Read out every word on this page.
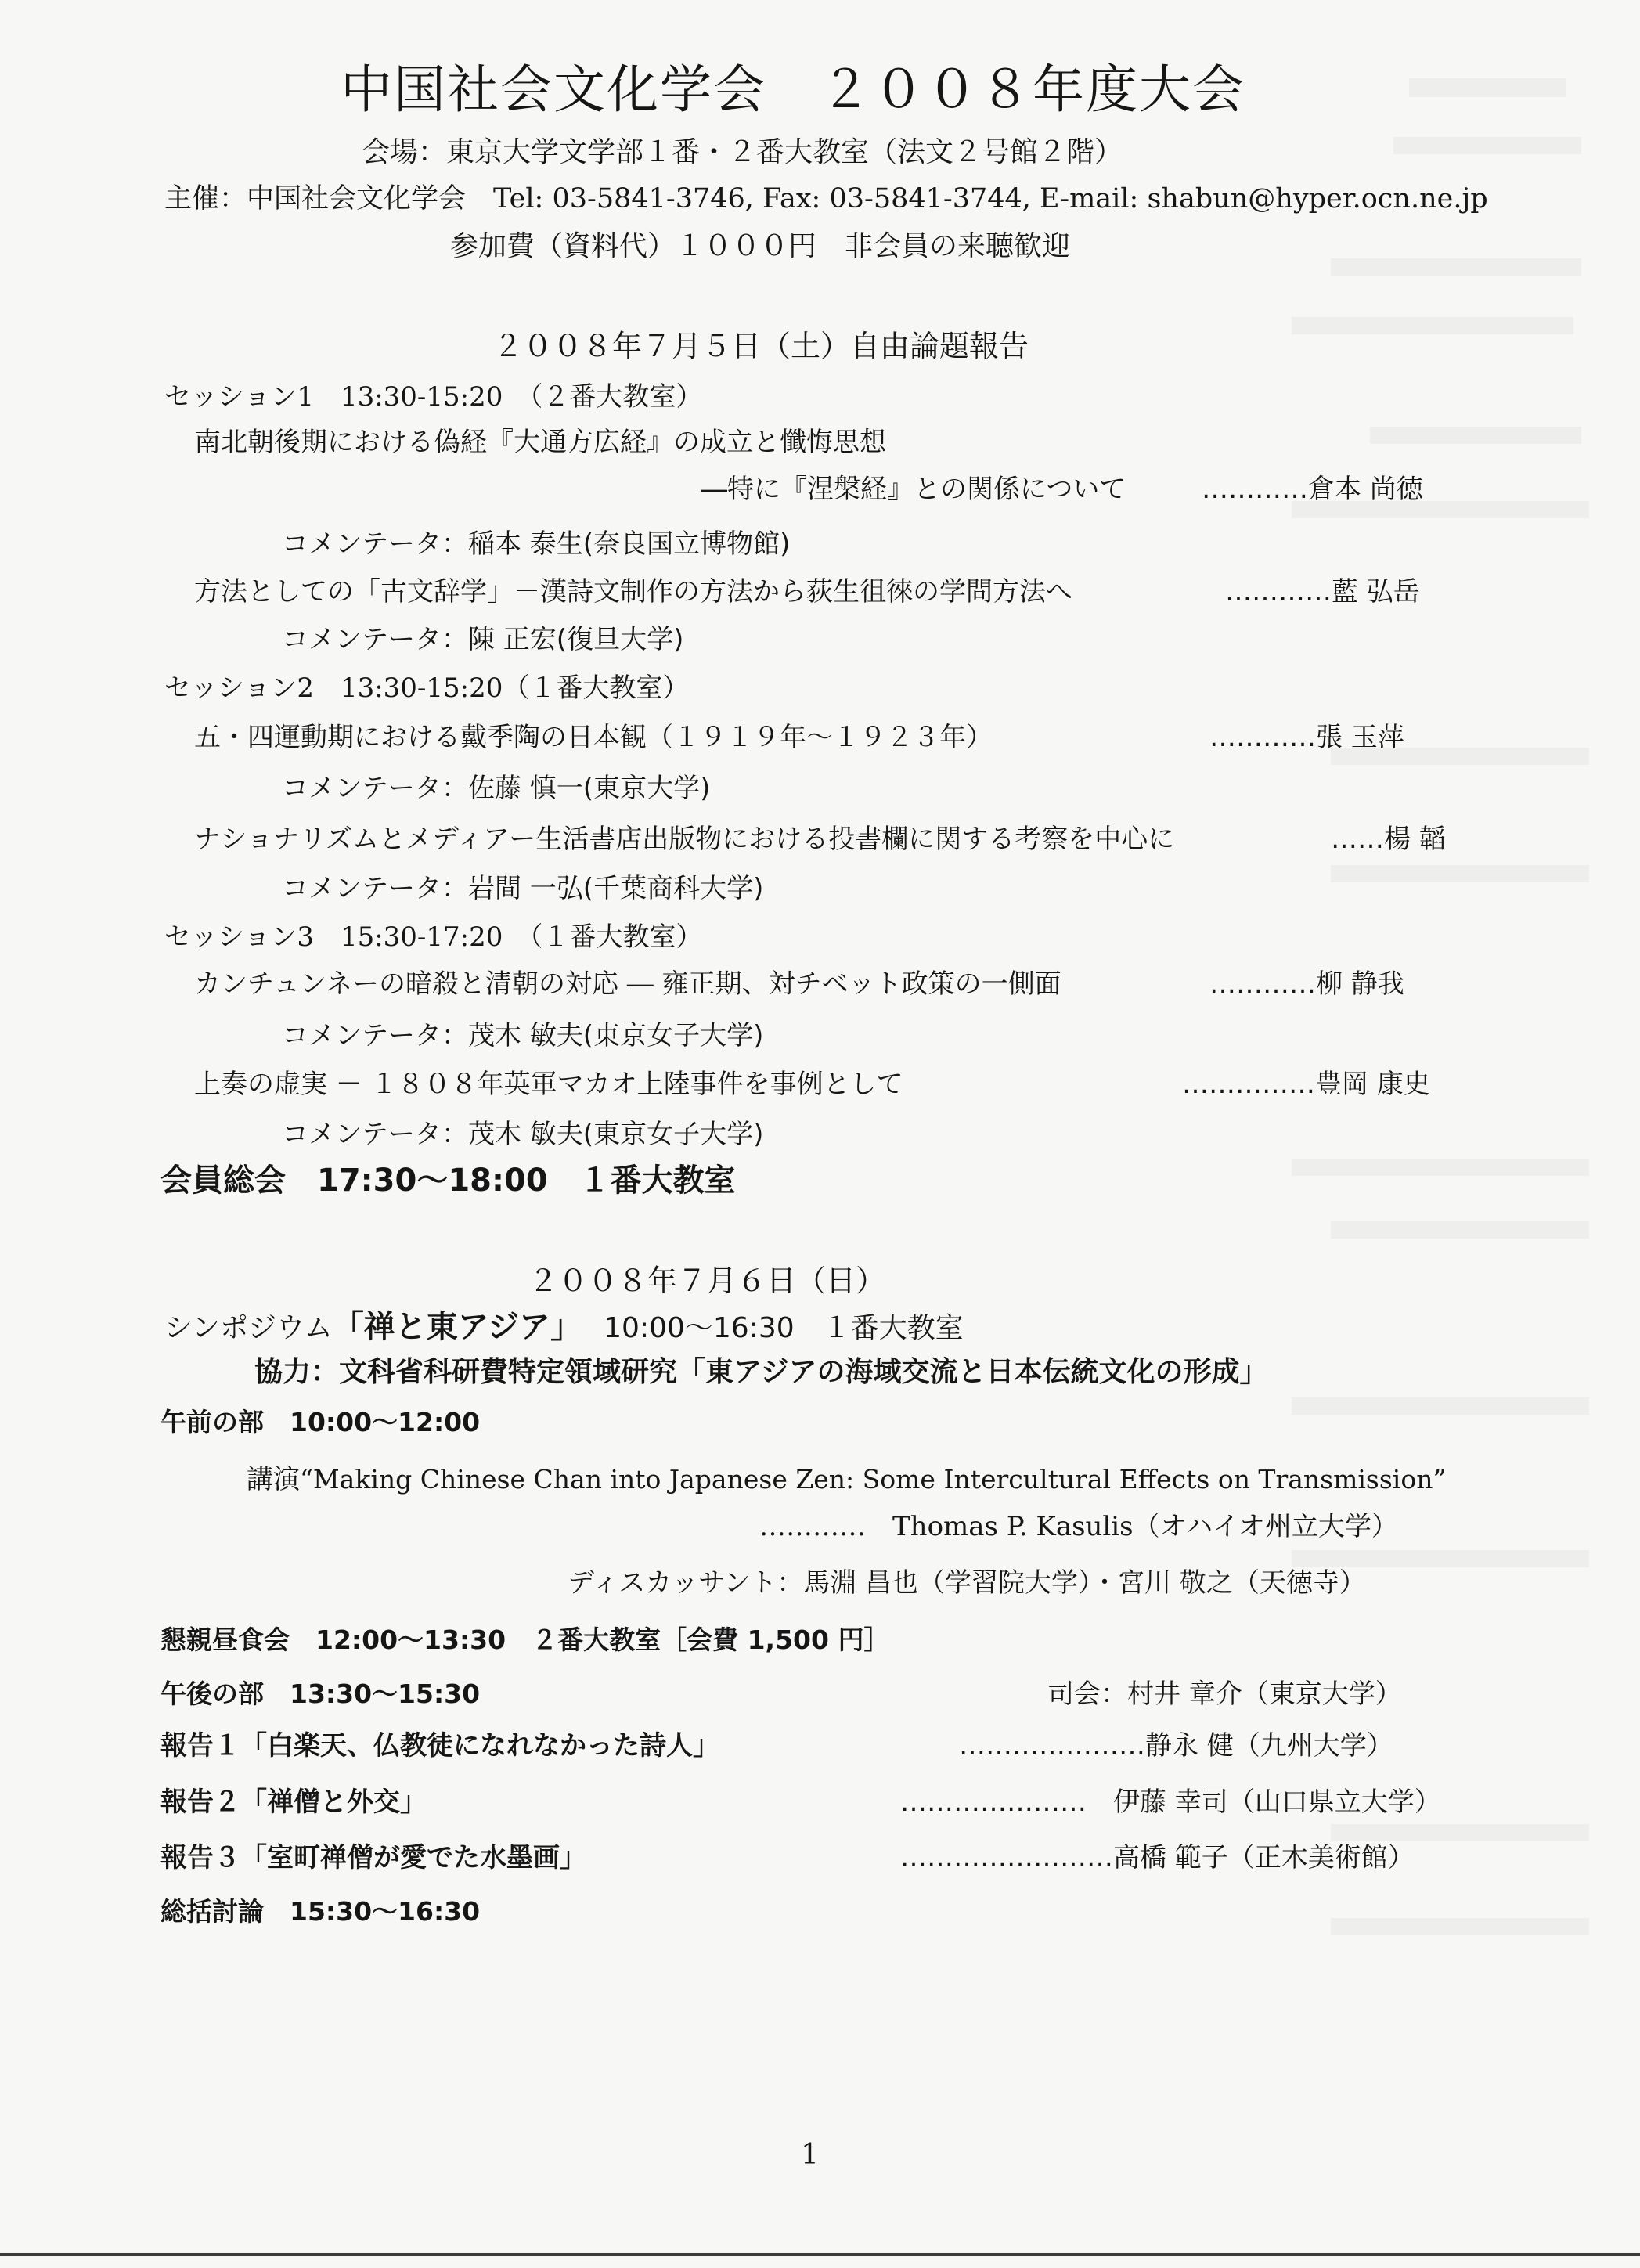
中国社会文化学会　２００８年度大会
会場：東京大学文学部１番・２番大教室（法文２号館２階）
主催：中国社会文化学会　Tel: 03-5841-3746, Fax: 03-5841-3744, E-mail: shabun@hyper.ocn.ne.jp
参加費（資料代）１０００円　非会員の来聴歓迎
２００８年７月５日（土）自由論題報告
セッション1　13:30-15:20　（２番大教室）
南北朝後期における偽経『大通方広経』の成立と懺悔思想
―特に『涅槃経』との関係について	…………倉本 尚徳
コメンテータ：稲本 泰生(奈良国立博物館)
方法としての「古文辞学」－漢詩文制作の方法から荻生徂徠の学問方法へ	…………藍 弘岳
コメンテータ：陳 正宏(復旦大学)
セッション2　13:30-15:20（１番大教室）
五・四運動期における戴季陶の日本観（１９１９年～１９２３年）	…………張 玉萍
コメンテータ：佐藤 慎一(東京大学)
ナショナリズムとメディアー生活書店出版物における投書欄に関する考察を中心に	……楊 韜
コメンテータ：岩間 一弘(千葉商科大学)
セッション3　15:30-17:20　（１番大教室）
カンチュンネーの暗殺と清朝の対応 ― 雍正期、対チベット政策の一側面	…………柳 静我
コメンテータ：茂木 敏夫(東京女子大学)
上奏の虚実 － １８０８年英軍マカオ上陸事件を事例として	……………豊岡 康史
コメンテータ：茂木 敏夫(東京女子大学)
会員総会　17:30～18:00　１番大教室
２００８年７月６日（日）
シンポジウム「禅と東アジア」 10:00～16:30　１番大教室
協力：文科省科研費特定領域研究「東アジアの海域交流と日本伝統文化の形成」
午前の部　10:00～12:00
講演“Making Chinese Chan into Japanese Zen: Some Intercultural Effects on Transmission”
…………　Thomas P. Kasulis（オハイオ州立大学）
ディスカッサント：馬淵 昌也（学習院大学）・宮川 敬之（天徳寺）
懇親昼食会　12:00～13:30　２番大教室［会費 1,500 円］
午後の部　13:30～15:30	司会：村井 章介（東京大学）
報告１「白楽天、仏教徒になれなかった詩人」	…………………静永 健（九州大学）
報告２「禅僧と外交」	…………………　伊藤 幸司（山口県立大学）
報告３「室町禅僧が愛でた水墨画」	……………………高橋 範子（正木美術館）
総括討論　15:30～16:30
1
